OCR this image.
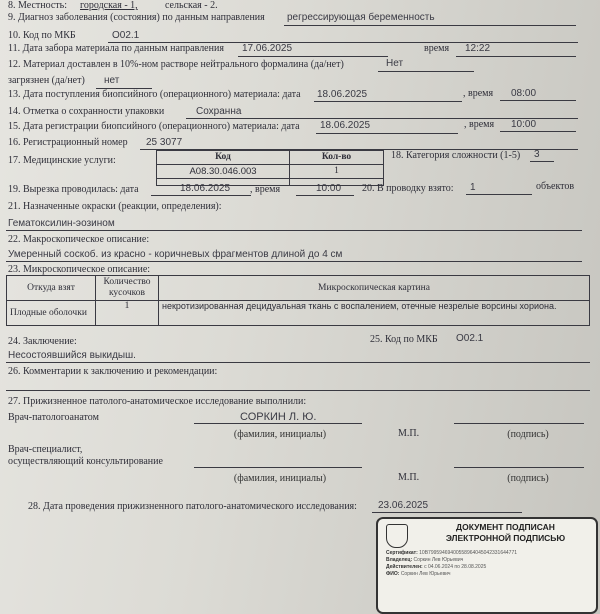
8. Местность: городская - 1,	сельская - 2.
9. Диагноз заболевания (состояния) по данным направления регрессирующая беременность
10. Код по МКБ	О02.1
11. Дата забора материала по данным направления 17.06.2025	время 12:22
12. Материал доставлен в 10%-ном растворе нейтрального формалина (да/нет)	Нет
загрязнен (да/нет) нет
13. Дата поступления биопсийного (операционного) материала: дата 18.06.2025	, время 08:00
14. Отметка о сохранности упаковки	Сохранна
15. Дата регистрации биопсийного (операционного) материала: дата 18.06.2025	, время 10:00
16. Регистрационный номер 25 3077
17. Медицинские услуги:	Код	Кол-во
А08.30.046.003	1

18. Категория сложности (1-5) 3
19. Вырезка проводилась: дата	18.06.2025 , время	10:00 20. В проводку взято: 1	объектов
21. Назначенные окраски (реакции, определения):
Гематоксилин-эозином
22. Макроскопическое описание:
Умеренный соскоб. из красно - коричневых фрагментов длиной до 4 см
23. Микроскопическое описание:
Откуда взят	Количество кусочков	Микроскопическая картина
Плодные оболочки	1	некротизированная децидуальная ткань с воспалением, отечные незрелые ворсины хориона.
24. Заключение:	25. Код по МКБ О02.1
Несостоявшийся выкидыш.
26. Комментарии к заключению и рекомендации:
27. Прижизненное патолого-анатомическое исследование выполнили:
Врач-патологоанатом	СОРКИН Л. Ю.
(фамилия, инициалы)	М.П.	(подпись)
Врач-специалист,
осуществляющий консультирование
(фамилия, инициалы)	М.П.	(подпись)
28. Дата проведения прижизненного патолого-анатомического исследования: 23.06.2025
ДОКУМЕНТ ПОДПИСАН
ЭЛЕКТРОННОЙ ПОДПИСЬЮ
Сертификат: 10B79959469400558964045042331644771
Владелец: Соркин Лев Юрьевич
Действителен: с 04.06.2024 по 28.08.2025
ФИО: Соркин Лев Юрьевич
